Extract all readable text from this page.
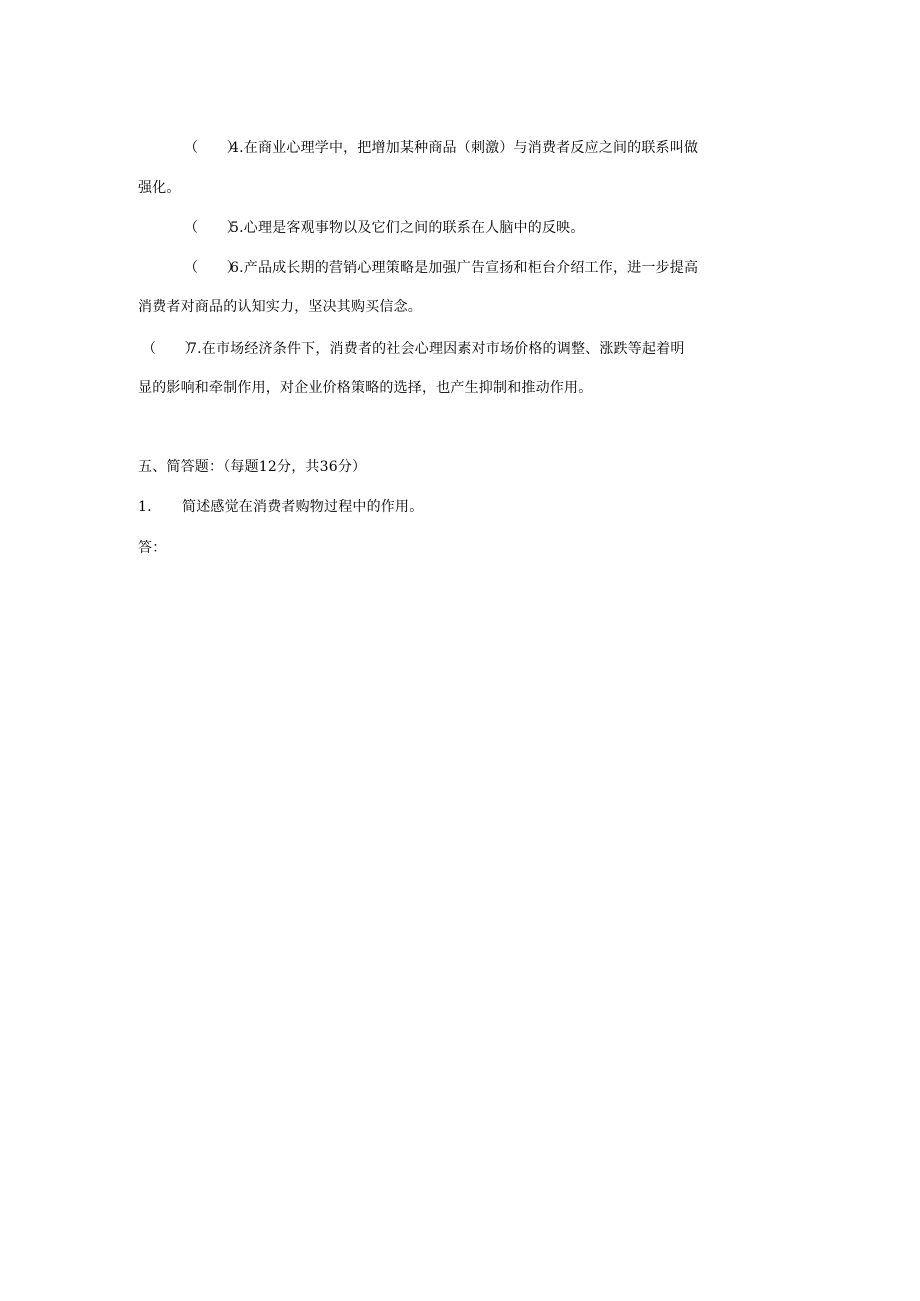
（　　）4.在商业心理学中，把增加某种商品（刺激）与消费者反应之间的联系叫做
强化。
（　　）5.心理是客观事物以及它们之间的联系在人脑中的反映。
（　　）6.产品成长期的营销心理策略是加强广告宣扬和柜台介绍工作，进一步提高
消费者对商品的认知实力，坚决其购买信念。
（　　）7.在市场经济条件下，消费者的社会心理因素对市场价格的调整、涨跌等起着明
显的影响和牵制作用，对企业价格策略的选择，也产生抑制和推动作用。
五、简答题：（每题12分，共36分）
1. 简述感觉在消费者购物过程中的作用。
答：
